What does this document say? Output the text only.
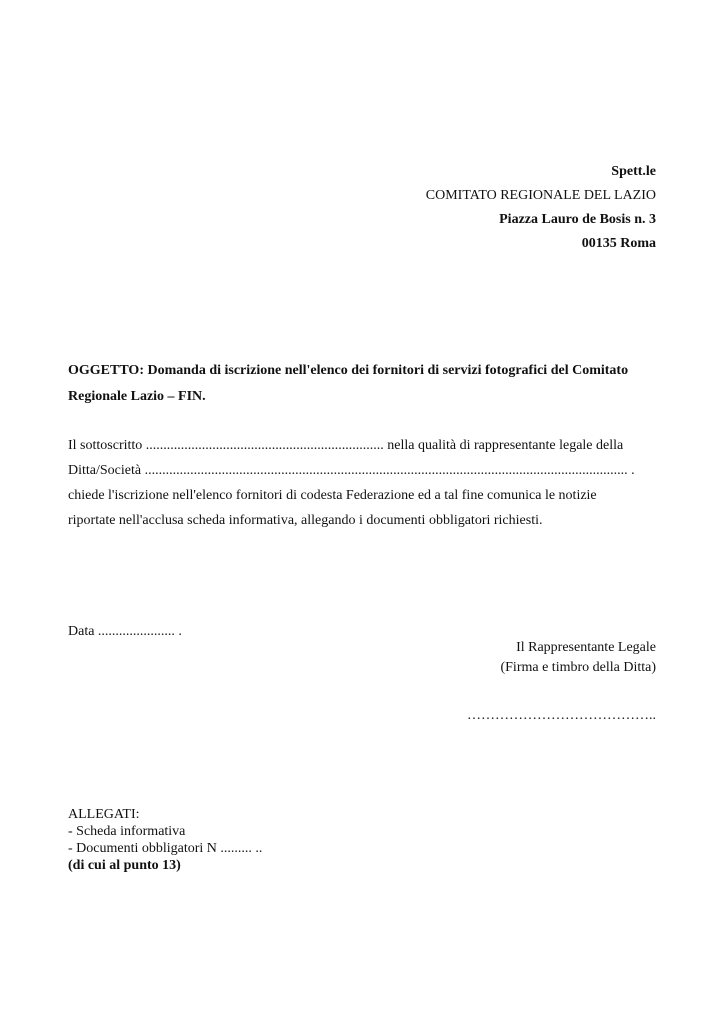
Spett.le
COMITATO REGIONALE DEL LAZIO
Piazza Lauro de Bosis n. 3
00135 Roma
OGGETTO: Domanda di iscrizione nell'elenco dei fornitori di servizi fotografici del Comitato Regionale Lazio – FIN.
Il sottoscritto .................................................................... nella qualità di rappresentante legale della
Ditta/Società .......................................................................................................................................... .
chiede l'iscrizione nell'elenco fornitori di codesta Federazione ed a tal fine comunica le notizie
riportate nell'acclusa scheda informativa, allegando i documenti obbligatori richiesti.
Data ...................... .
Il Rappresentante Legale
(Firma e timbro della Ditta)
…………………………………..
ALLEGATI:
- Scheda informativa
- Documenti obbligatori N ......... ..
(di cui al punto 13)
